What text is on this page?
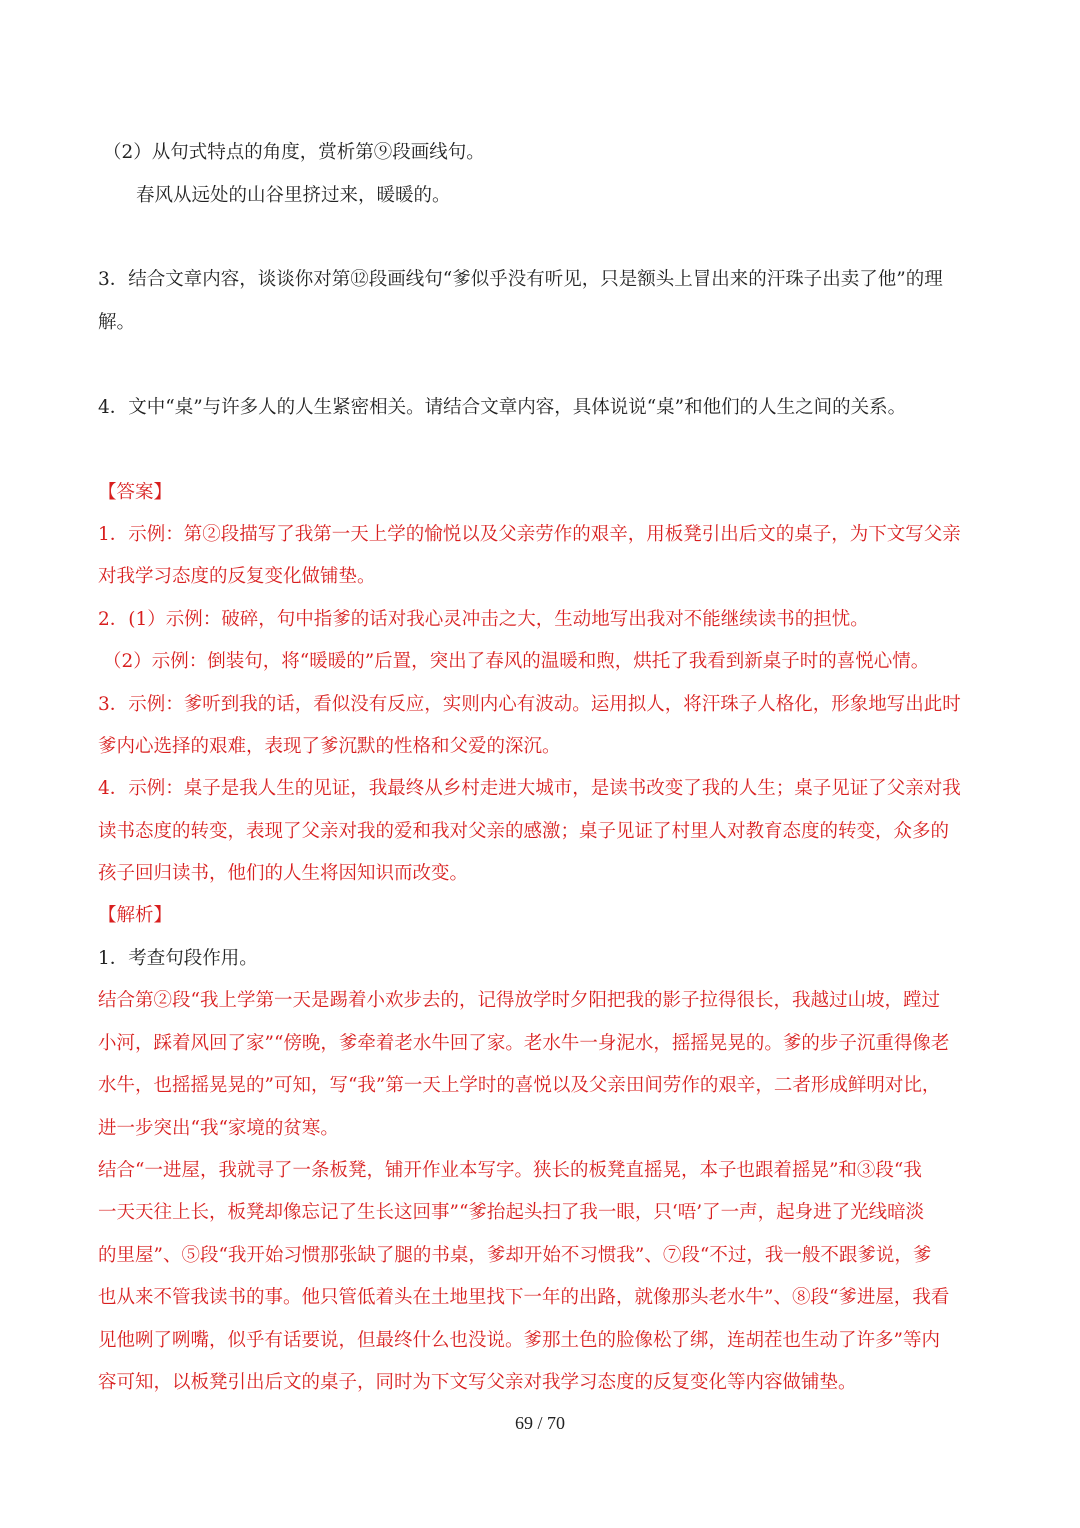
（2）从句式特点的角度，赏析第⑨段画线句。
春风从远处的山谷里挤过来，暖暖的。
3．结合文章内容，谈谈你对第⑫段画线句“爹似乎没有听见，只是额头上冒出来的汗珠子出卖了他”的理
解。
4．文中“桌”与许多人的人生紧密相关。请结合文章内容，具体说说“桌”和他们的人生之间的关系。
【答案】
1．示例：第②段描写了我第一天上学的愉悦以及父亲劳作的艰辛，用板凳引出后文的桌子，为下文写父亲
对我学习态度的反复变化做铺垫。
2．(1）示例：破碎，句中指爹的话对我心灵冲击之大，生动地写出我对不能继续读书的担忧。
（2）示例：倒装句，将“暖暖的”后置，突出了春风的温暖和煦，烘托了我看到新桌子时的喜悦心情。
3．示例：爹听到我的话，看似没有反应，实则内心有波动。运用拟人，将汗珠子人格化，形象地写出此时
爹内心选择的艰难，表现了爹沉默的性格和父爱的深沉。
4．示例：桌子是我人生的见证，我最终从乡村走进大城市，是读书改变了我的人生；桌子见证了父亲对我
读书态度的转变，表现了父亲对我的爱和我对父亲的感激；桌子见证了村里人对教育态度的转变，众多的
孩子回归读书，他们的人生将因知识而改变。
【解析】
1．考查句段作用。
结合第②段“我上学第一天是踢着小欢步去的，记得放学时夕阳把我的影子拉得很长，我越过山坡，蹚过
小河，踩着风回了家”“傍晚，爹牵着老水牛回了家。老水牛一身泥水，摇摇晃晃的。爹的步子沉重得像老
水牛，也摇摇晃晃的”可知，写“我”第一天上学时的喜悦以及父亲田间劳作的艰辛，二者形成鲜明对比，
进一步突出“我“家境的贫寒。
结合“一进屋，我就寻了一条板凳，铺开作业本写字。狭长的板凳直摇晃，本子也跟着摇晃”和③段“我
一天天往上长，板凳却像忘记了生长这回事”“爹抬起头扫了我一眼，只‘唔’了一声，起身进了光线暗淡
的里屋”、⑤段“我开始习惯那张缺了腿的书桌，爹却开始不习惯我”、⑦段“不过，我一般不跟爹说，爹
也从来不管我读书的事。他只管低着头在土地里找下一年的出路，就像那头老水牛”、⑧段“爹进屋，我看
见他咧了咧嘴，似乎有话要说，但最终什么也没说。爹那土色的脸像松了绑，连胡茬也生动了许多”等内
容可知，以板凳引出后文的桌子，同时为下文写父亲对我学习态度的反复变化等内容做铺垫。
69 / 70
